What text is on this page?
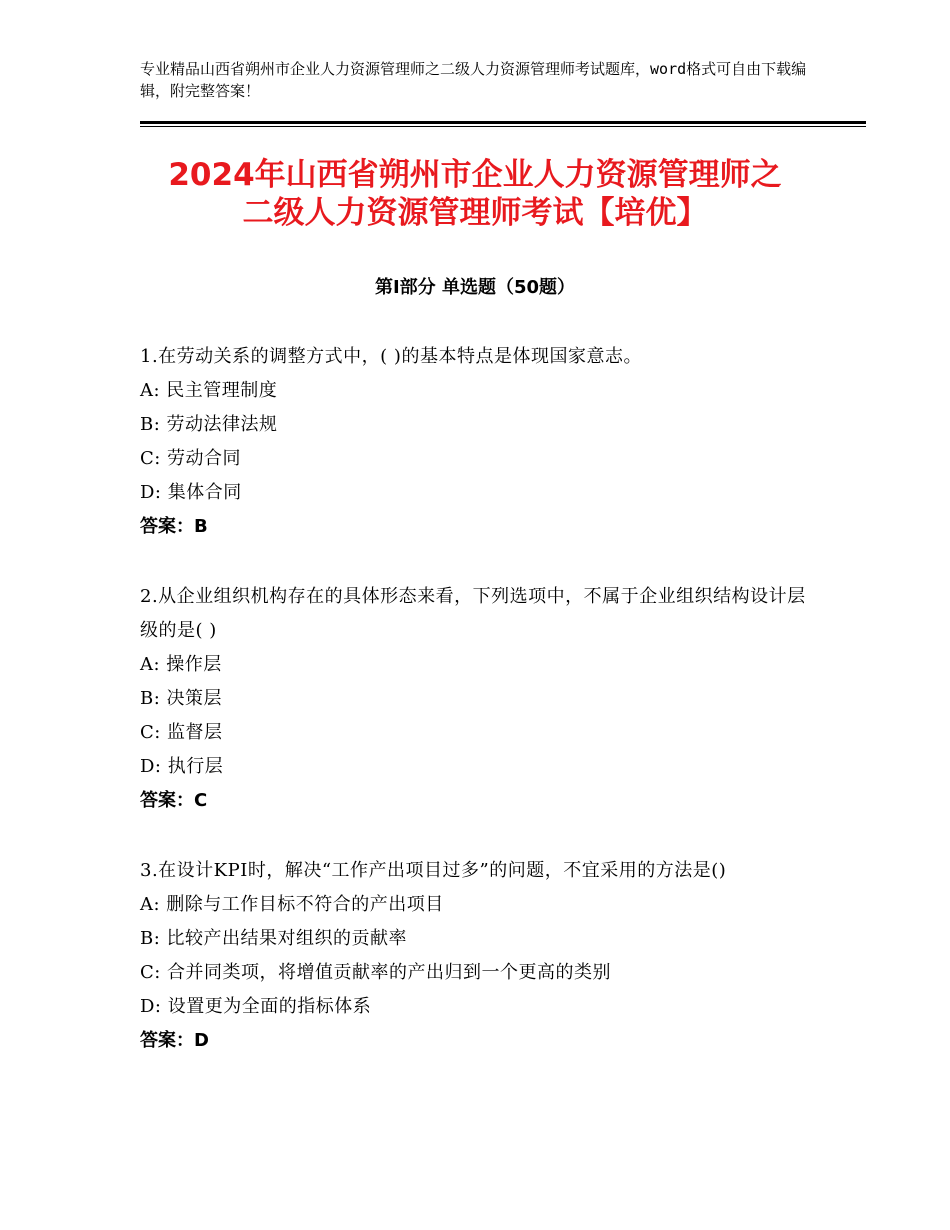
专业精品山西省朔州市企业人力资源管理师之二级人力资源管理师考试题库，word格式可自由下载编辑，附完整答案！
2024年山西省朔州市企业人力资源管理师之
二级人力资源管理师考试【培优】
第Ⅰ部分 单选题（50题）

1.在劳动关系的调整方式中，( )的基本特点是体现国家意志。

A: 民主管理制度

B: 劳动法律法规

C: 劳动合同

D: 集体合同

答案：B

2.从企业组织机构存在的具体形态来看，下列选项中，不属于企业组织结构设计层级的是( )

A: 操作层

B: 决策层

C: 监督层

D: 执行层

答案：C

3.在设计KPI时，解决“工作产出项目过多”的问题，不宜采用的方法是()

A: 删除与工作目标不符合的产出项目

B: 比较产出结果对组织的贡献率

C: 合并同类项，将增值贡献率的产出归到一个更高的类别

D: 设置更为全面的指标体系

答案：D
